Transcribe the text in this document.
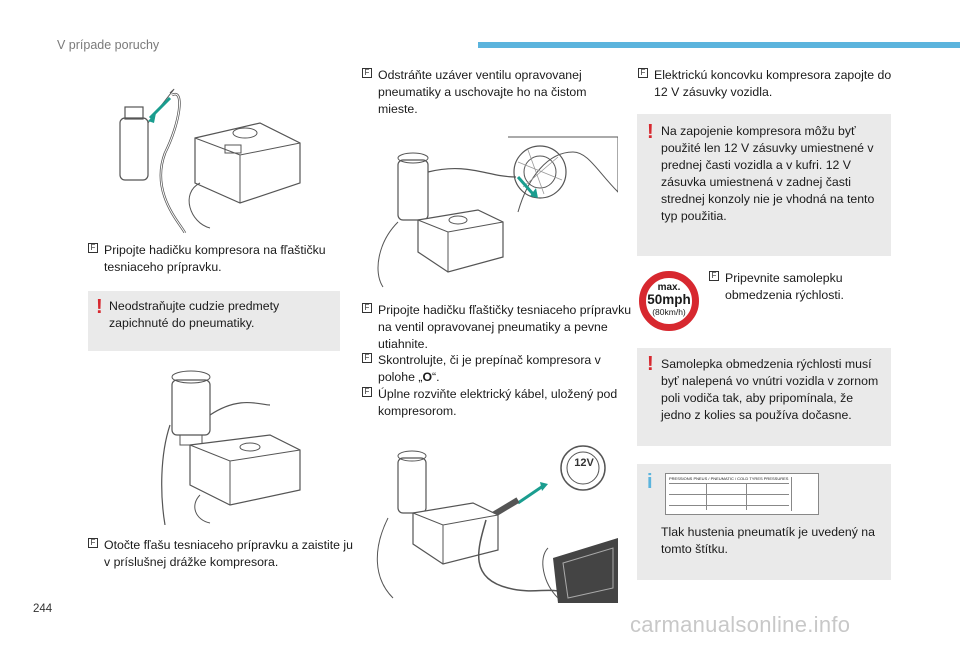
V prípade poruchy
F Pripojte hadičku kompresora na fľaštičku tesniaceho prípravku.
! Neodstraňujte cudzie predmety zapichnuté do pneumatiky.
F Otočte fľašu tesniaceho prípravku a zaistite ju v príslušnej drážke kompresora.
F Odstráňte uzáver ventilu opravovanej pneumatiky a uschovajte ho na čistom mieste.
F Pripojte hadičku fľaštičky tesniaceho prípravku na ventil opravovanej pneumatiky a pevne utiahnite.
F Skontrolujte, či je prepínač kompresora v polohe „O“.
F Úplne rozviňte elektrický kábel, uložený pod kompresorom.
12V
F Elektrickú koncovku kompresora zapojte do 12 V zásuvky vozidla.
! Na zapojenie kompresora môžu byť použité len 12 V zásuvky umiestnené v prednej časti vozidla a v kufri. 12 V zásuvka umiestnená v zadnej časti strednej konzoly nie je vhodná na tento typ použitia.
max.
50mph
(80km/h)
F Pripevnite samolepku obmedzenia rýchlosti.
! Samolepka obmedzenia rýchlosti musí byť nalepená vo vnútri vozidla v zornom poli vodiča tak, aby pripomínala, že jedno z kolies sa používa dočasne.
i	PRESSIONS PNEUS / PNEUMATIC / COLD TYRES PRESSURES
Tlak hustenia pneumatík je uvedený na tomto štítku.
244
carmanualsonline.info
